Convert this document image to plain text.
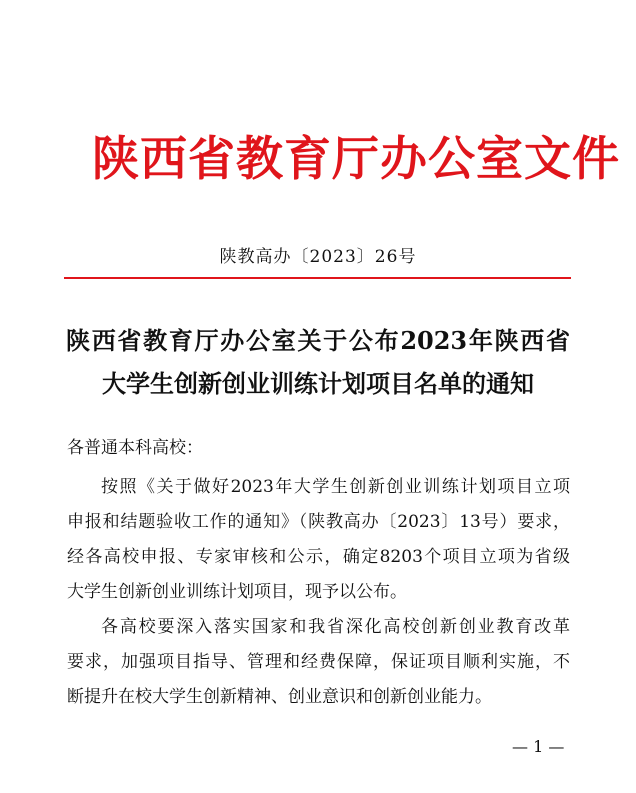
陕西省教育厅办公室文件
陕教高办〔2023〕26号
陕西省教育厅办公室关于公布2023年陕西省
大学生创新创业训练计划项目名单的通知
各普通本科高校：
按照《关于做好2023年大学生创新创业训练计划项目立项
申报和结题验收工作的通知》（陕教高办〔2023〕13号）要求，
经各高校申报、专家审核和公示，确定8203个项目立项为省级
大学生创新创业训练计划项目，现予以公布。
各高校要深入落实国家和我省深化高校创新创业教育改革
要求，加强项目指导、管理和经费保障，保证项目顺利实施，不
断提升在校大学生创新精神、创业意识和创新创业能力。
— 1 —
